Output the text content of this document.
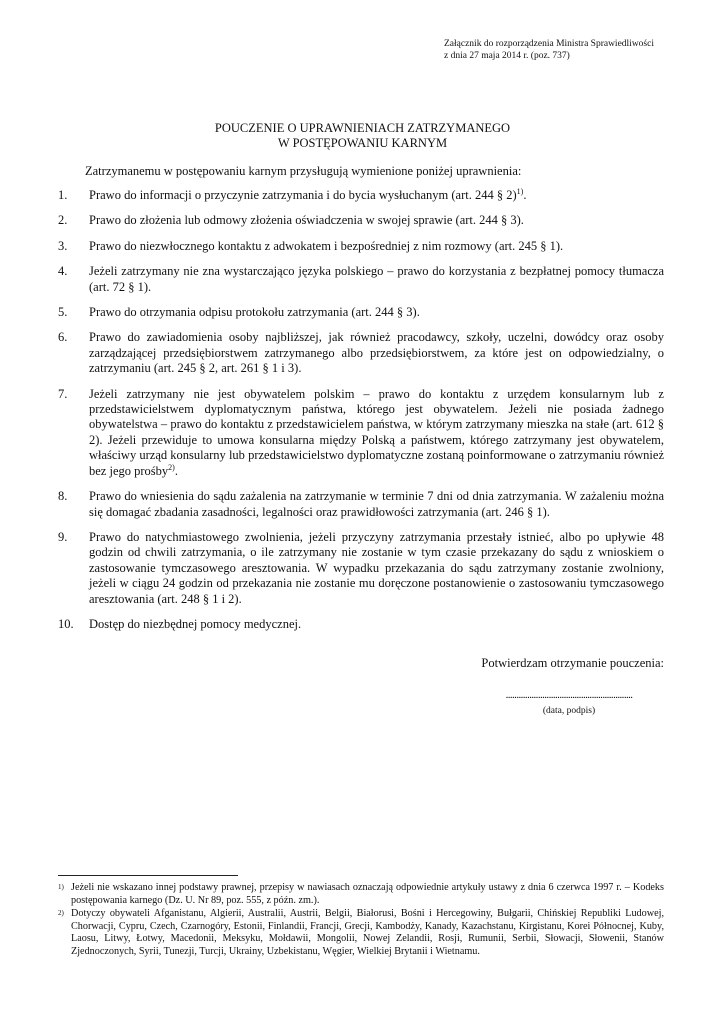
Załącznik do rozporządzenia Ministra Sprawiedliwości
z dnia 27 maja 2014 r. (poz. 737)
POUCZENIE O UPRAWNIENIACH ZATRZYMANEGO
W POSTĘPOWANIU KARNYM
Zatrzymanemu w postępowaniu karnym przysługują wymienione poniżej uprawnienia:
1.	Prawo do informacji o przyczynie zatrzymania i do bycia wysłuchanym (art. 244 § 2)$^{1)}$.
2.	Prawo do złożenia lub odmowy złożenia oświadczenia w swojej sprawie (art. 244 § 3).
3.	Prawo do niezwłocznego kontaktu z adwokatem i bezpośredniej z nim rozmowy (art. 245 § 1).
4.	Jeżeli zatrzymany nie zna wystarczająco języka polskiego – prawo do korzystania z bezpłatnej pomocy tłumacza (art. 72 § 1).
5.	Prawo do otrzymania odpisu protokołu zatrzymania (art. 244 § 3).
6.	Prawo do zawiadomienia osoby najbliższej, jak również pracodawcy, szkoły, uczelni, dowódcy oraz osoby zarządzającej przedsiębiorstwem zatrzymanego albo przedsiębiorstwem, za które jest on odpowiedzialny, o zatrzymaniu (art. 245 § 2, art. 261 § 1 i 3).
7.	Jeżeli zatrzymany nie jest obywatelem polskim – prawo do kontaktu z urzędem konsularnym lub z przedstawicielstwem dyplomatycznym państwa, którego jest obywatelem. Jeżeli nie posiada żadnego obywatelstwa – prawo do kontaktu z przedstawicielem państwa, w którym zatrzymany mieszka na stałe (art. 612 § 2). Jeżeli przewiduje to umowa konsularna między Polską a państwem, którego zatrzymany jest obywatelem, właściwy urząd konsularny lub przedstawicielstwo dyplomatyczne zostaną poinformowane o zatrzymaniu również bez jego prośby$^{2)}$.
8.	Prawo do wniesienia do sądu zażalenia na zatrzymanie w terminie 7 dni od dnia zatrzymania. W zażaleniu można się domagać zbadania zasadności, legalności oraz prawidłowości zatrzymania (art. 246 § 1).
9.	Prawo do natychmiastowego zwolnienia, jeżeli przyczyny zatrzymania przestały istnieć, albo po upływie 48 godzin od chwili zatrzymania, o ile zatrzymany nie zostanie w tym czasie przekazany do sądu z wnioskiem o zastosowanie tymczasowego aresztowania. W wypadku przekazania do sądu zatrzymany zostanie zwolniony, jeżeli w ciągu 24 godzin od przekazania nie zostanie mu doręczone postanowienie o zastosowaniu tymczasowego aresztowania (art. 248 § 1 i 2).
10.	Dostęp do niezbędnej pomocy medycznej.
Potwierdzam otrzymanie pouczenia:
...........................................................
(data, podpis)
1) Jeżeli nie wskazano innej podstawy prawnej, przepisy w nawiasach oznaczają odpowiednie artykuły ustawy z dnia 6 czerwca 1997 r. – Kodeks postępowania karnego (Dz. U. Nr 89, poz. 555, z późn. zm.).
2) Dotyczy obywateli Afganistanu, Algierii, Australii, Austrii, Belgii, Białorusi, Bośni i Hercegowiny, Bułgarii, Chińskiej Republiki Ludowej, Chorwacji, Cypru, Czech, Czarnogóry, Estonii, Finlandii, Francji, Grecji, Kambodży, Kanady, Kazachstanu, Kirgistanu, Korei Północnej, Kuby, Laosu, Litwy, Łotwy, Macedonii, Meksyku, Mołdawii, Mongolii, Nowej Zelandii, Rosji, Rumunii, Serbii, Słowacji, Słowenii, Stanów Zjednoczonych, Syrii, Tunezji, Turcji, Ukrainy, Uzbekistanu, Węgier, Wielkiej Brytanii i Wietnamu.
